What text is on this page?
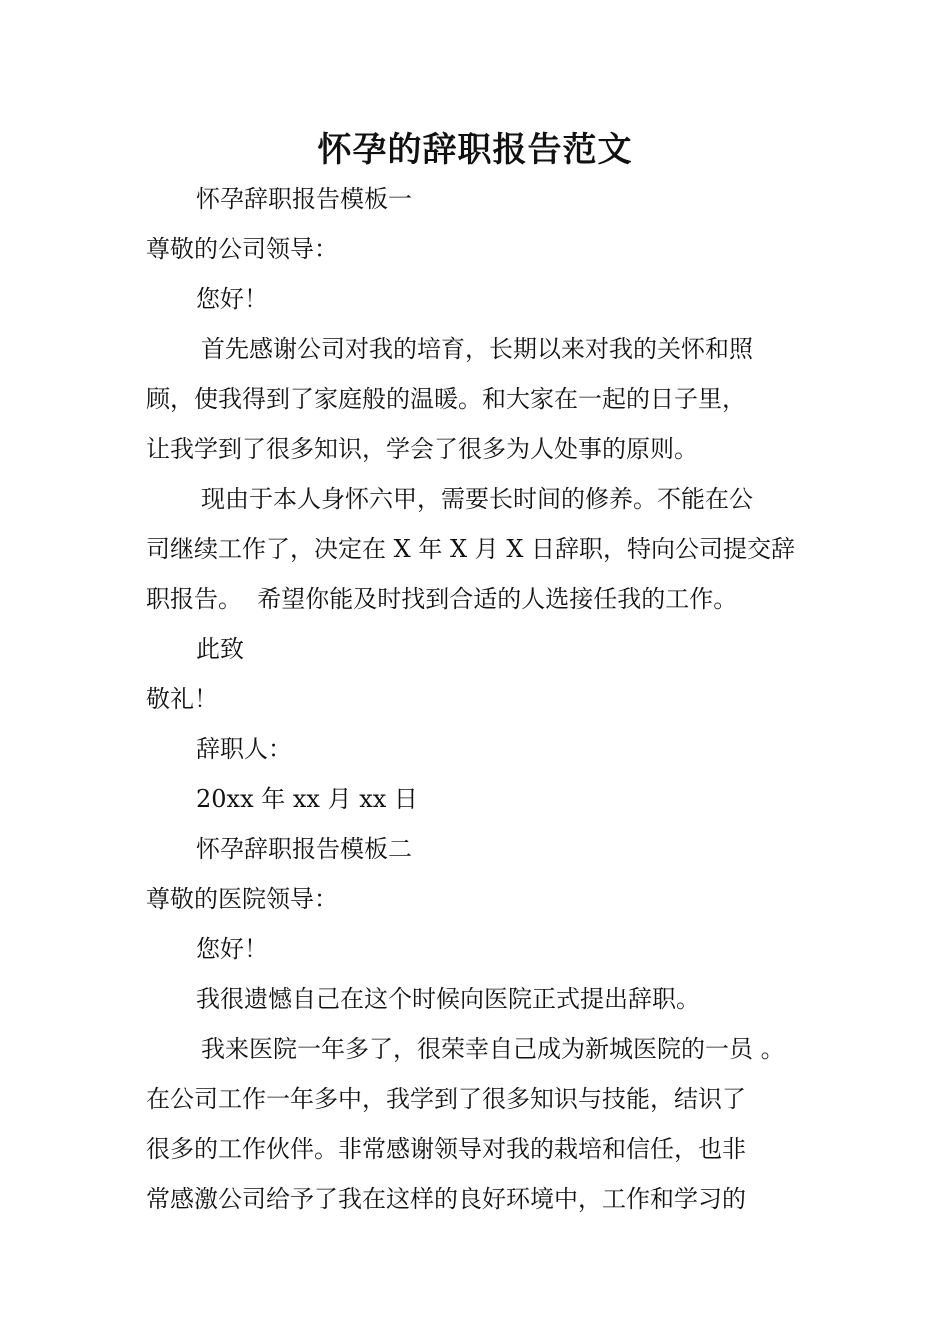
怀孕的辞职报告范文

怀孕辞职报告模板一

尊敬的公司领导：

您好！

首先感谢公司对我的培育，长期以来对我的关怀和照

顾，使我得到了家庭般的温暖。和大家在一起的日子里，

让我学到了很多知识，学会了很多为人处事的原则。

现由于本人身怀六甲，需要长时间的修养。不能在公

司继续工作了，决定在 X 年 X 月 X 日辞职，特向公司提交辞

职报告。  希望你能及时找到合适的人选接任我的工作。

此致

敬礼！

辞职人：

20xx 年 xx 月 xx 日

怀孕辞职报告模板二

尊敬的医院领导：

您好！

我很遗憾自己在这个时候向医院正式提出辞职。

我来医院一年多了，很荣幸自己成为新城医院的一员 。

在公司工作一年多中，我学到了很多知识与技能，结识了

很多的工作伙伴。非常感谢领导对我的栽培和信任，也非

常感激公司给予了我在这样的良好环境中，工作和学习的
